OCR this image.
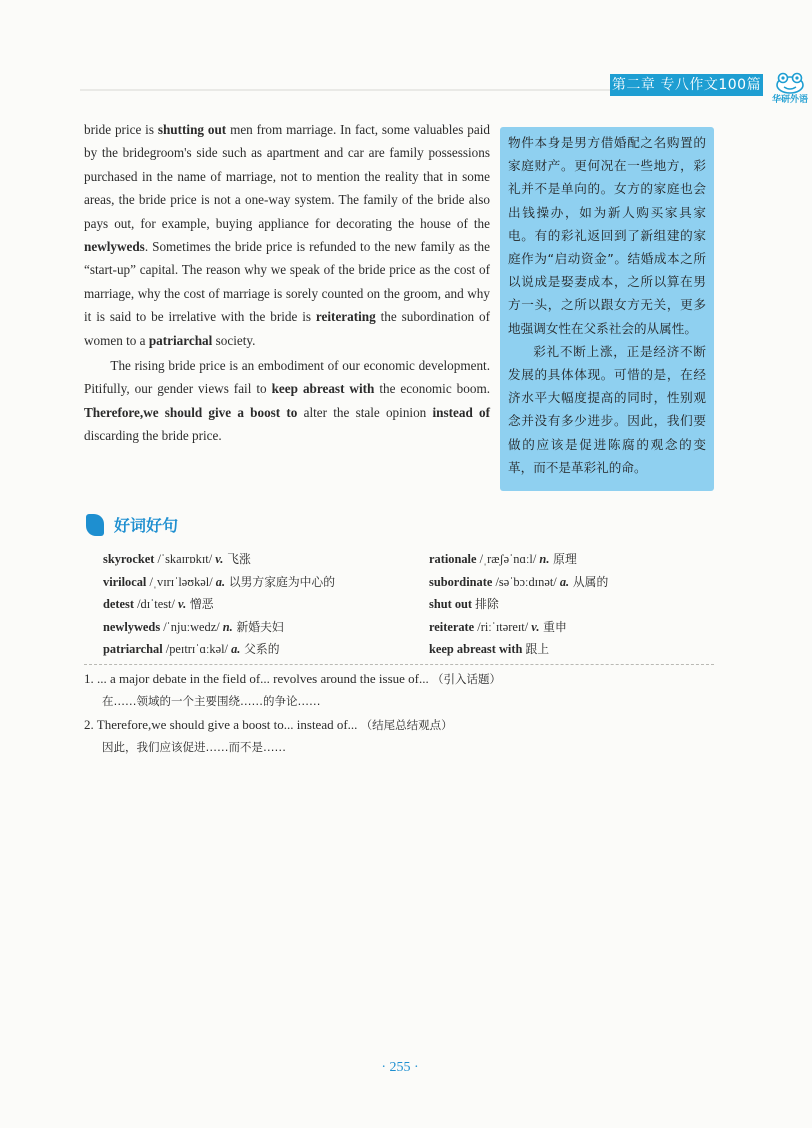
第二章 专八作文100篇
华研外语

bride price is shutting out men from marriage. In fact, some valuables paid by the bridegroom's side such as apartment and car are family possessions purchased in the name of marriage, not to mention the reality that in some areas, the bride price is not a one-way system. The family of the bride also pays out, for example, buying appliance for decorating the house of the newlyweds. Sometimes the bride price is refunded to the new family as the “start-up” capital. The reason why we speak of the bride price as the cost of marriage, why the cost of marriage is sorely counted on the groom, and why it is said to be irrelative with the bride is reiterating the subordination of women to a patriarchal society.

The rising bride price is an embodiment of our economic development. Pitifully, our gender views fail to keep abreast with the economic boom. Therefore,we should give a boost to alter the stale opinion instead of discarding the bride price.

物件本身是男方借婚配之名购置的家庭财产。更何况在一些地方，彩礼并不是单向的。女方的家庭也会出钱操办，如为新人购买家具家电。有的彩礼返回到了新组建的家庭作为“启动资金”。结婚成本之所以说成是娶妻成本，之所以算在男方一头，之所以跟女方无关，更多地强调女性在父系社会的从属性。

彩礼不断上涨，正是经济不断发展的具体体现。可惜的是，在经济水平大幅度提高的同时，性别观念并没有多少进步。因此，我们要做的应该是促进陈腐的观念的变革，而不是革彩礼的命。

好词好句
skyrocket /ˈskaɪrɒkɪt/ v. 飞涨
virilocal /ˌvɪrɪˈləʊkəl/ a. 以男方家庭为中心的
detest /dɪˈtest/ v. 憎恶
newlyweds /ˈnjuːwedz/ n. 新婚夫妇
patriarchal /peɪtrɪˈɑːkəl/ a. 父系的
rationale /ˌræʃəˈnɑːl/ n. 原理
subordinate /səˈbɔːdɪnət/ a. 从属的
shut out 排除
reiterate /riːˈɪtəreɪt/ v. 重申
keep abreast with 跟上
1. ... a major debate in the field of... revolves around the issue of... （引入话题）
在……领域的一个主要围绕……的争论……
2. Therefore,we should give a boost to... instead of... （结尾总结观点）
因此，我们应该促进……而不是……
· 255 ·
